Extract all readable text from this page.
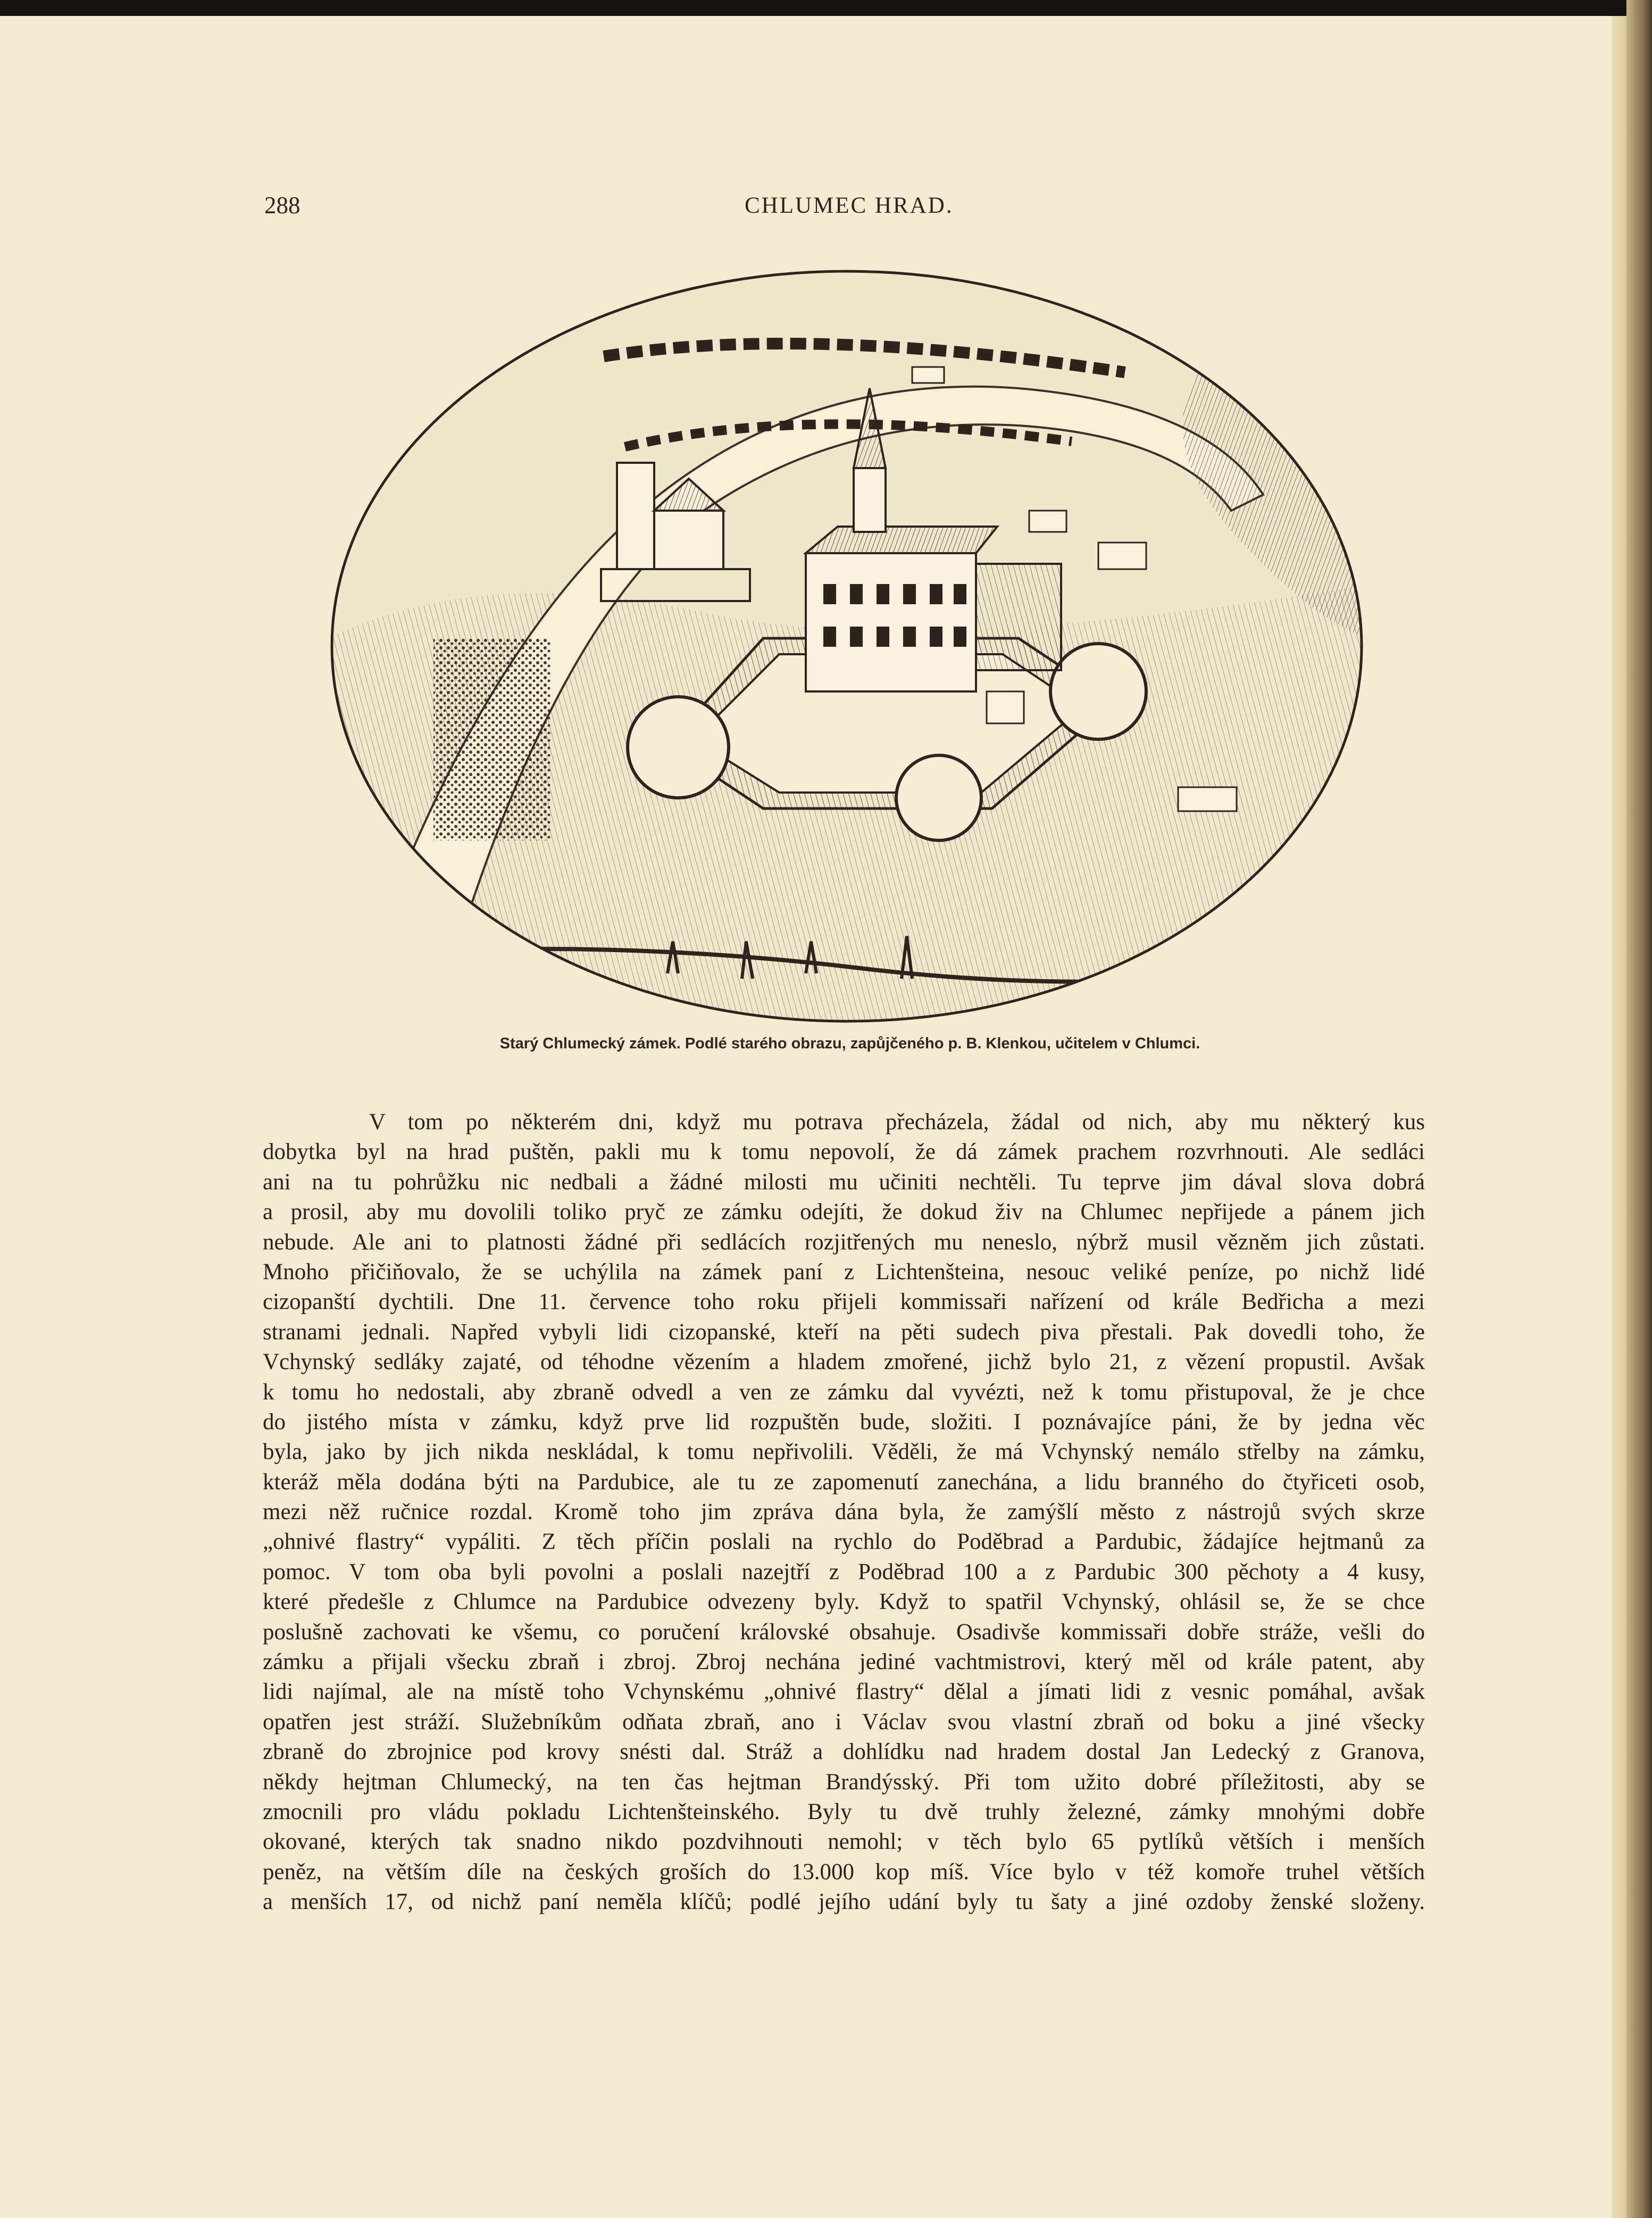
288	CHLUMEC HRAD.
Starý Chlumecký zámek. Podlé starého obrazu, zapůjčeného p. B. Klenkou, učitelem v Chlumci.
V tom po některém dni, když mu potrava přecházela, žádal od nich, aby mu některý kus
dobytka byl na hrad puštěn, pakli mu k tomu nepovolí, že dá zámek prachem rozvrhnouti. Ale sedláci
ani na tu pohrůžku nic nedbali a žádné milosti mu učiniti nechtěli. Tu teprve jim dával slova dobrá
a prosil, aby mu dovolili toliko pryč ze zámku odejíti, že dokud živ na Chlumec nepřijede a pánem jich
nebude. Ale ani to platnosti žádné při sedlácích rozjitřených mu neneslo, nýbrž musil vězněm jich zůstati.
Mnoho přičiňovalo, že se uchýlila na zámek paní z Lichtenšteina, nesouc veliké peníze, po nichž lidé
cizopanští dychtili. Dne 11. července toho roku přijeli kommissaři nařízení od krále Bedřicha a mezi
stranami jednali. Napřed vybyli lidi cizopanské, kteří na pěti sudech piva přestali. Pak dovedli toho, že
Vchynský sedláky zajaté, od téhodne vězením a hladem zmořené, jichž bylo 21, z vězení propustil. Avšak
k tomu ho nedostali, aby zbraně odvedl a ven ze zámku dal vyvézti, než k tomu přistupoval, že je chce
do jistého místa v zámku, když prve lid rozpuštěn bude, složiti. I poznávajíce páni, že by jedna věc
byla, jako by jich nikda neskládal, k tomu nepřivolili. Věděli, že má Vchynský nemálo střelby na zámku,
kteráž měla dodána býti na Pardubice, ale tu ze zapomenutí zanechána, a lidu branného do čtyřiceti osob,
mezi něž ručnice rozdal. Kromě toho jim zpráva dána byla, že zamýšlí město z nástrojů svých skrze
„ohnivé flastry“ vypáliti. Z těch příčin poslali na rychlo do Poděbrad a Pardubic, žádajíce hejtmanů za
pomoc. V tom oba byli povolni a poslali nazejtří z Poděbrad 100 a z Pardubic 300 pěchoty a 4 kusy,
které předešle z Chlumce na Pardubice odvezeny byly. Když to spatřil Vchynský, ohlásil se, že se chce
poslušně zachovati ke všemu, co poručení královské obsahuje. Osadivše kommissaři dobře stráže, vešli do
zámku a přijali všecku zbraň i zbroj. Zbroj nechána jediné vachtmistrovi, který měl od krále patent, aby
lidi najímal, ale na místě toho Vchynskému „ohnivé flastry“ dělal a jímati lidi z vesnic pomáhal, avšak
opatřen jest stráží. Služebníkům odňata zbraň, ano i Václav svou vlastní zbraň od boku a jiné všecky
zbraně do zbrojnice pod krovy snésti dal. Stráž a dohlídku nad hradem dostal Jan Ledecký z Granova,
někdy hejtman Chlumecký, na ten čas hejtman Brandýsský. Při tom užito dobré příležitosti, aby se
zmocnili pro vládu pokladu Lichtenšteinského. Byly tu dvě truhly železné, zámky mnohými dobře
okované, kterých tak snadno nikdo pozdvihnouti nemohl; v těch bylo 65 pytlíků větších i menších
peněz, na větším díle na českých groších do 13.000 kop míš. Více bylo v též komoře truhel větších
a menších 17, od nichž paní neměla klíčů; podlé jejího udání byly tu šaty a jiné ozdoby ženské složeny.
